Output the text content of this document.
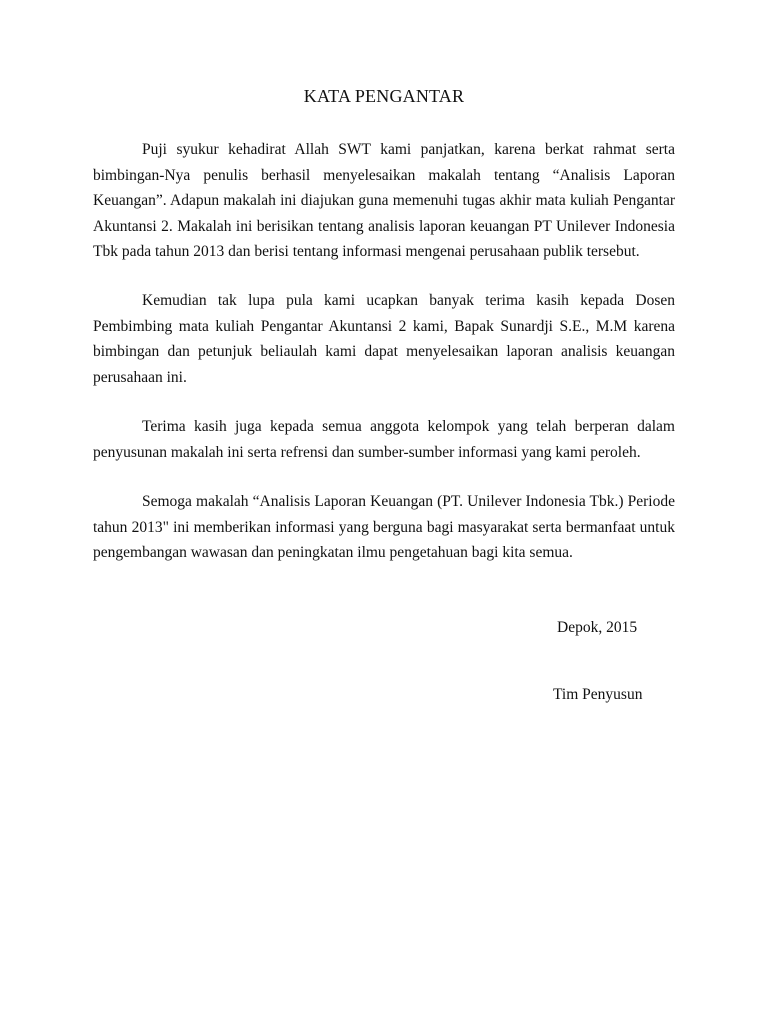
KATA PENGANTAR

Puji syukur kehadirat Allah SWT kami panjatkan, karena berkat rahmat serta bimbingan-Nya penulis berhasil menyelesaikan makalah tentang “Analisis Laporan Keuangan”. Adapun makalah ini diajukan guna memenuhi tugas akhir mata kuliah Pengantar Akuntansi 2. Makalah ini berisikan tentang analisis laporan keuangan PT Unilever Indonesia Tbk pada tahun 2013 dan berisi tentang informasi mengenai perusahaan publik tersebut.

Kemudian tak lupa pula kami ucapkan banyak terima kasih kepada Dosen Pembimbing mata kuliah Pengantar Akuntansi 2 kami, Bapak Sunardji S.E., M.M karena bimbingan dan petunjuk beliaulah kami dapat menyelesaikan laporan analisis keuangan perusahaan ini.

Terima kasih juga kepada semua anggota kelompok yang telah berperan dalam penyusunan makalah ini serta refrensi dan sumber-sumber informasi yang kami peroleh.

Semoga makalah “Analisis Laporan Keuangan (PT. Unilever Indonesia Tbk.) Periode tahun 2013" ini memberikan informasi yang berguna bagi masyarakat serta bermanfaat untuk pengembangan wawasan dan peningkatan ilmu pengetahuan bagi kita semua.

Depok, 2015

Tim Penyusun
